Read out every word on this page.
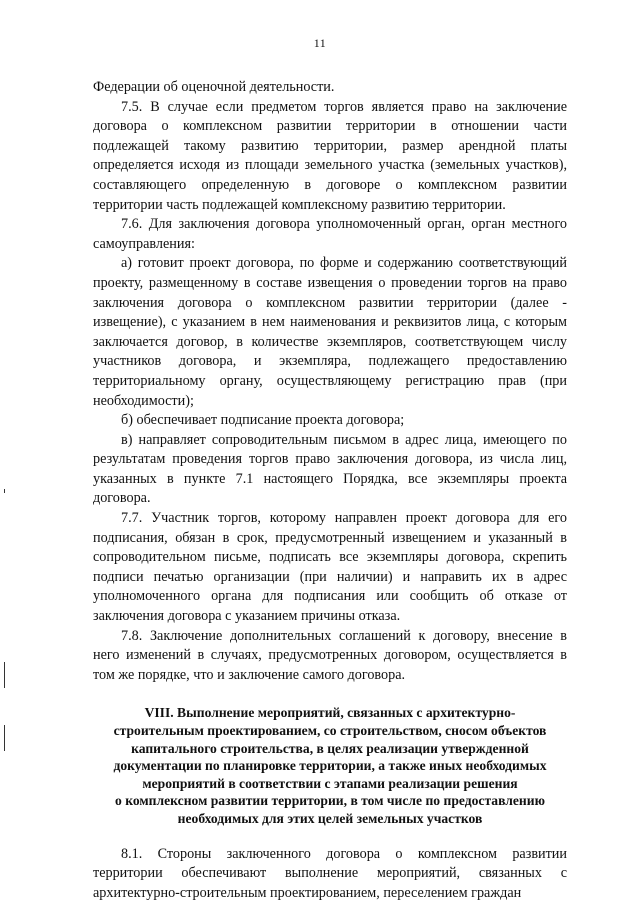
11

Федерации об оценочной деятельности.

7.5. В случае если предметом торгов является право на заключение договора о комплексном развитии территории в отношении части подлежащей такому развитию территории, размер арендной платы определяется исходя из площади земельного участка (земельных участков), составляющего определенную в договоре о комплексном развитии территории часть подлежащей комплексному развитию территории.

7.6. Для заключения договора уполномоченный орган, орган местного самоуправления:

а) готовит проект договора, по форме и содержанию соответствующий проекту, размещенному в составе извещения о проведении торгов на право заключения договора о комплексном развитии территории (далее - извещение), с указанием в нем наименования и реквизитов лица, с которым заключается договор, в количестве экземпляров, соответствующем числу участников договора, и экземпляра, подлежащего предоставлению территориальному органу, осуществляющему регистрацию прав (при необходимости);

б) обеспечивает подписание проекта договора;

в) направляет сопроводительным письмом в адрес лица, имеющего по результатам проведения торгов право заключения договора, из числа лиц, указанных в пункте 7.1 настоящего Порядка, все экземпляры проекта договора.

7.7. Участник торгов, которому направлен проект договора для его подписания, обязан в срок, предусмотренный извещением и указанный в сопроводительном письме, подписать все экземпляры договора, скрепить подписи печатью организации (при наличии) и направить их в адрес уполномоченного органа для подписания или сообщить об отказе от заключения договора с указанием причины отказа.

7.8. Заключение дополнительных соглашений к договору, внесение в него изменений в случаях, предусмотренных договором, осуществляется в том же порядке, что и заключение самого договора.

VIII. Выполнение мероприятий, связанных с архитектурно-
строительным проектированием, со строительством, сносом объектов
капитального строительства, в целях реализации утвержденной
документации по планировке территории, а также иных необходимых
мероприятий в соответствии с этапами реализации решения
о комплексном развитии территории, в том числе по предоставлению
необходимых для этих целей земельных участков

8.1. Стороны заключенного договора о комплексном развитии территории обеспечивают выполнение мероприятий, связанных с архитектурно-строительным проектированием, переселением граждан
